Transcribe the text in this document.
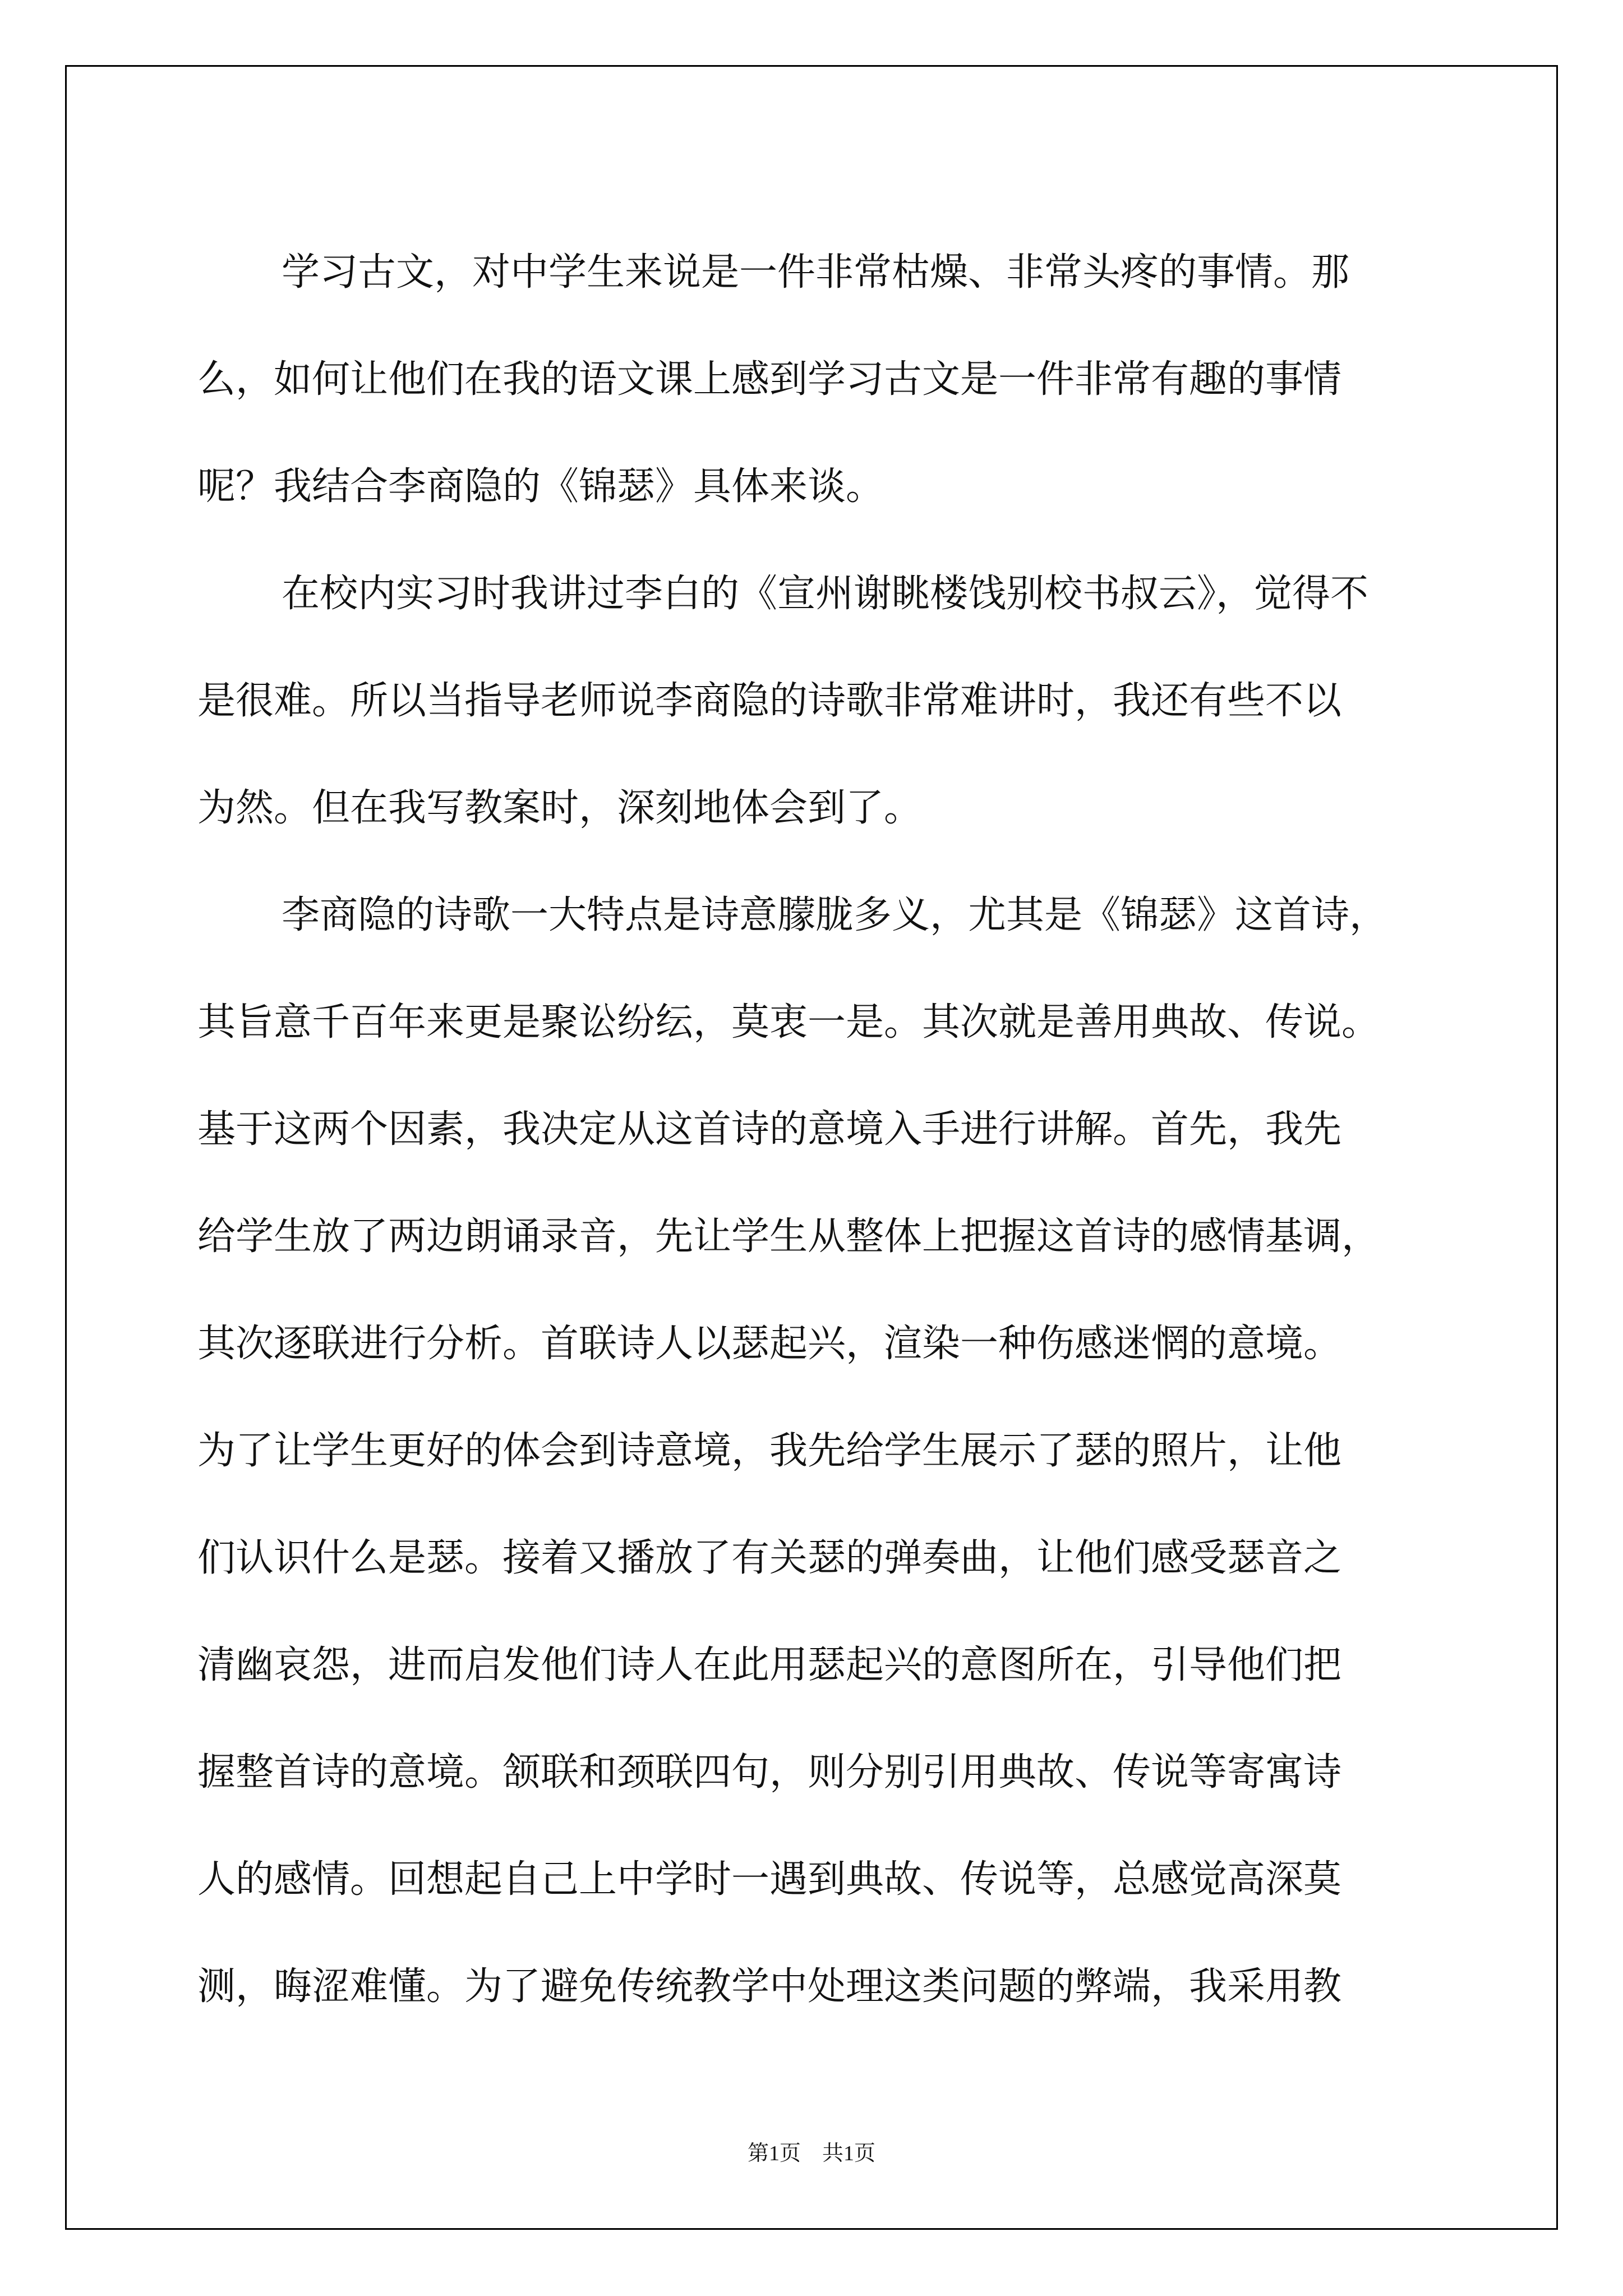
学习古文，对中学生来说是一件非常枯燥、非常头疼的事情。那
么，如何让他们在我的语文课上感到学习古文是一件非常有趣的事情
呢？我结合李商隐的《锦瑟》具体来谈。
在校内实习时我讲过李白的《宣州谢眺楼饯别校书叔云》，觉得不
是很难。所以当指导老师说李商隐的诗歌非常难讲时，我还有些不以
为然。但在我写教案时，深刻地体会到了。
李商隐的诗歌一大特点是诗意朦胧多义，尤其是《锦瑟》这首诗，
其旨意千百年来更是聚讼纷纭，莫衷一是。其次就是善用典故、传说。
基于这两个因素，我决定从这首诗的意境入手进行讲解。首先，我先
给学生放了两边朗诵录音，先让学生从整体上把握这首诗的感情基调，
其次逐联进行分析。首联诗人以瑟起兴，渲染一种伤感迷惘的意境。
为了让学生更好的体会到诗意境，我先给学生展示了瑟的照片，让他
们认识什么是瑟。接着又播放了有关瑟的弹奏曲，让他们感受瑟音之
清幽哀怨，进而启发他们诗人在此用瑟起兴的意图所在，引导他们把
握整首诗的意境。颔联和颈联四句，则分别引用典故、传说等寄寓诗
人的感情。回想起自己上中学时一遇到典故、传说等，总感觉高深莫
测，晦涩难懂。为了避免传统教学中处理这类问题的弊端，我采用教
第1页　共1页
